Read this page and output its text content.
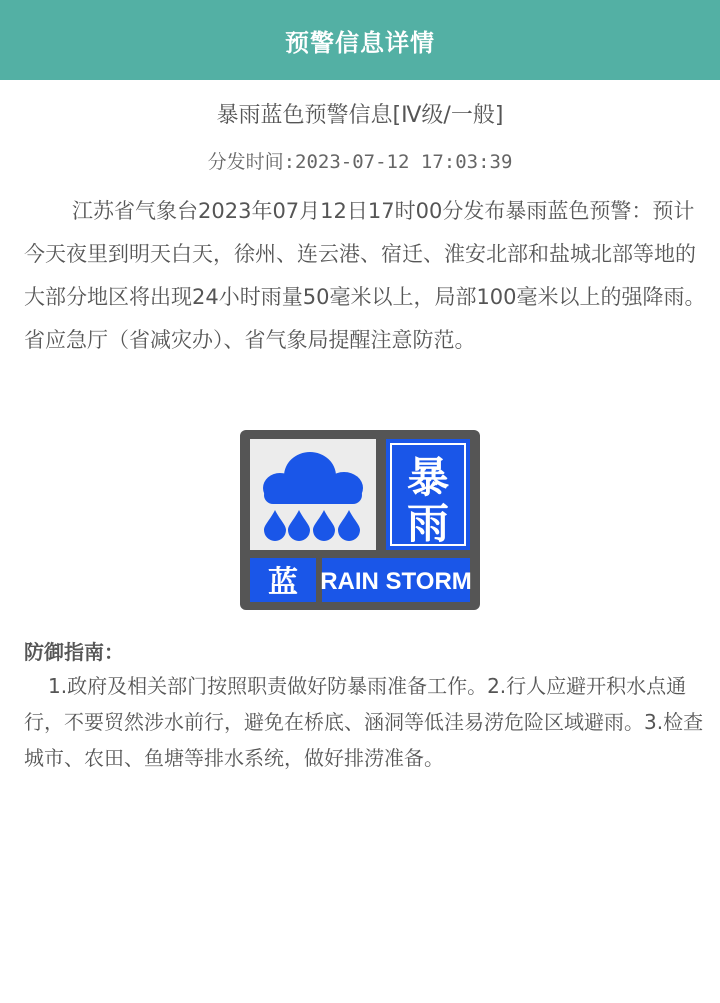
预警信息详情
暴雨蓝色预警信息[Ⅳ级/一般]
分发时间:2023-07-12 17:03:39
江苏省气象台2023年07月12日17时00分发布暴雨蓝色预警：预计今天夜里到明天白天，徐州、连云港、宿迁、淮安北部和盐城北部等地的大部分地区将出现24小时雨量50毫米以上，局部100毫米以上的强降雨。省应急厅（省减灾办）、省气象局提醒注意防范。
暴
雨
蓝 RAIN STORM
防御指南：
1.政府及相关部门按照职责做好防暴雨准备工作。2.行人应避开积水点通行，不要贸然涉水前行，避免在桥底、涵洞等低洼易涝危险区域避雨。3.检查城市、农田、鱼塘等排水系统，做好排涝准备。
